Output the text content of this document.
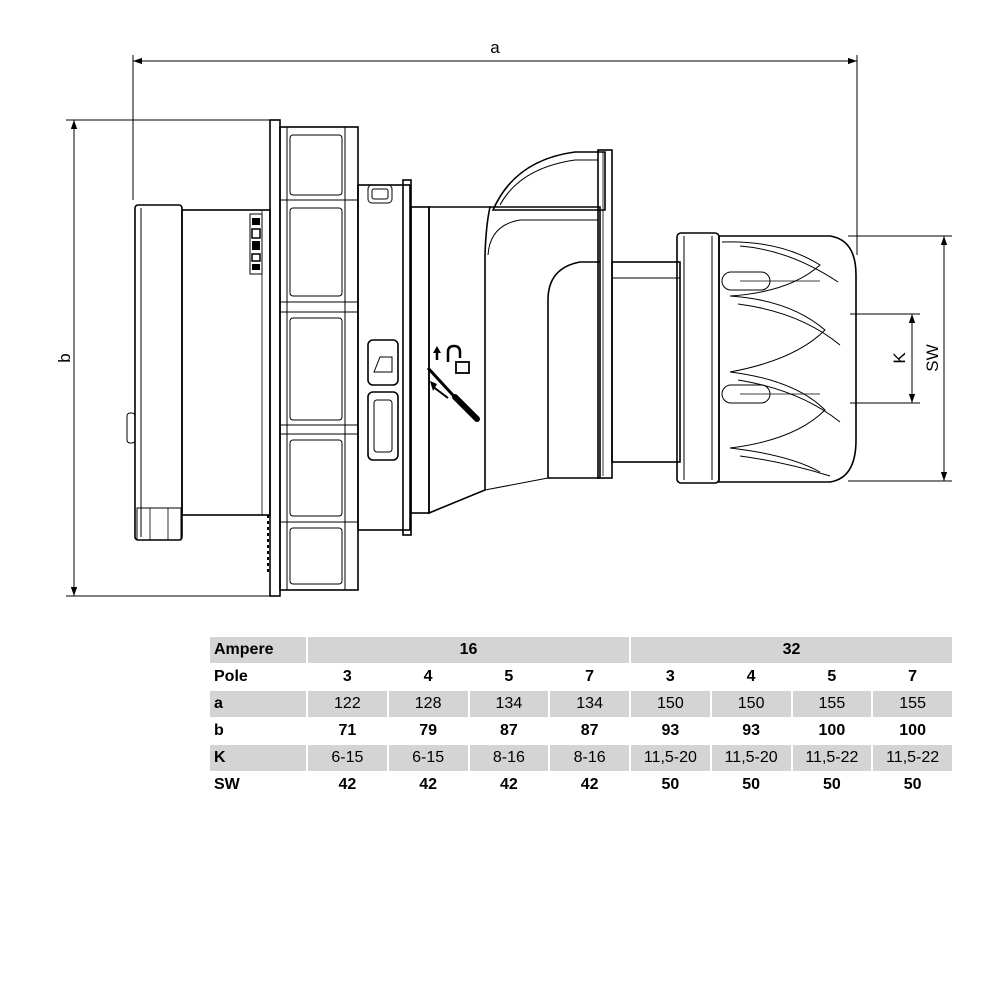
a
b	SW
K
Ampere	16				32			
Pole	3	4	5	7	3	4	5	7
a	122	128	134	134	150	150	155	155
b	71	79	87	87	93	93	100	100
K	6-15	6-15	8-16	8-16	11,5-20	11,5-20	11,5-22	11,5-22
SW	42	42	42	42	50	50	50	50
